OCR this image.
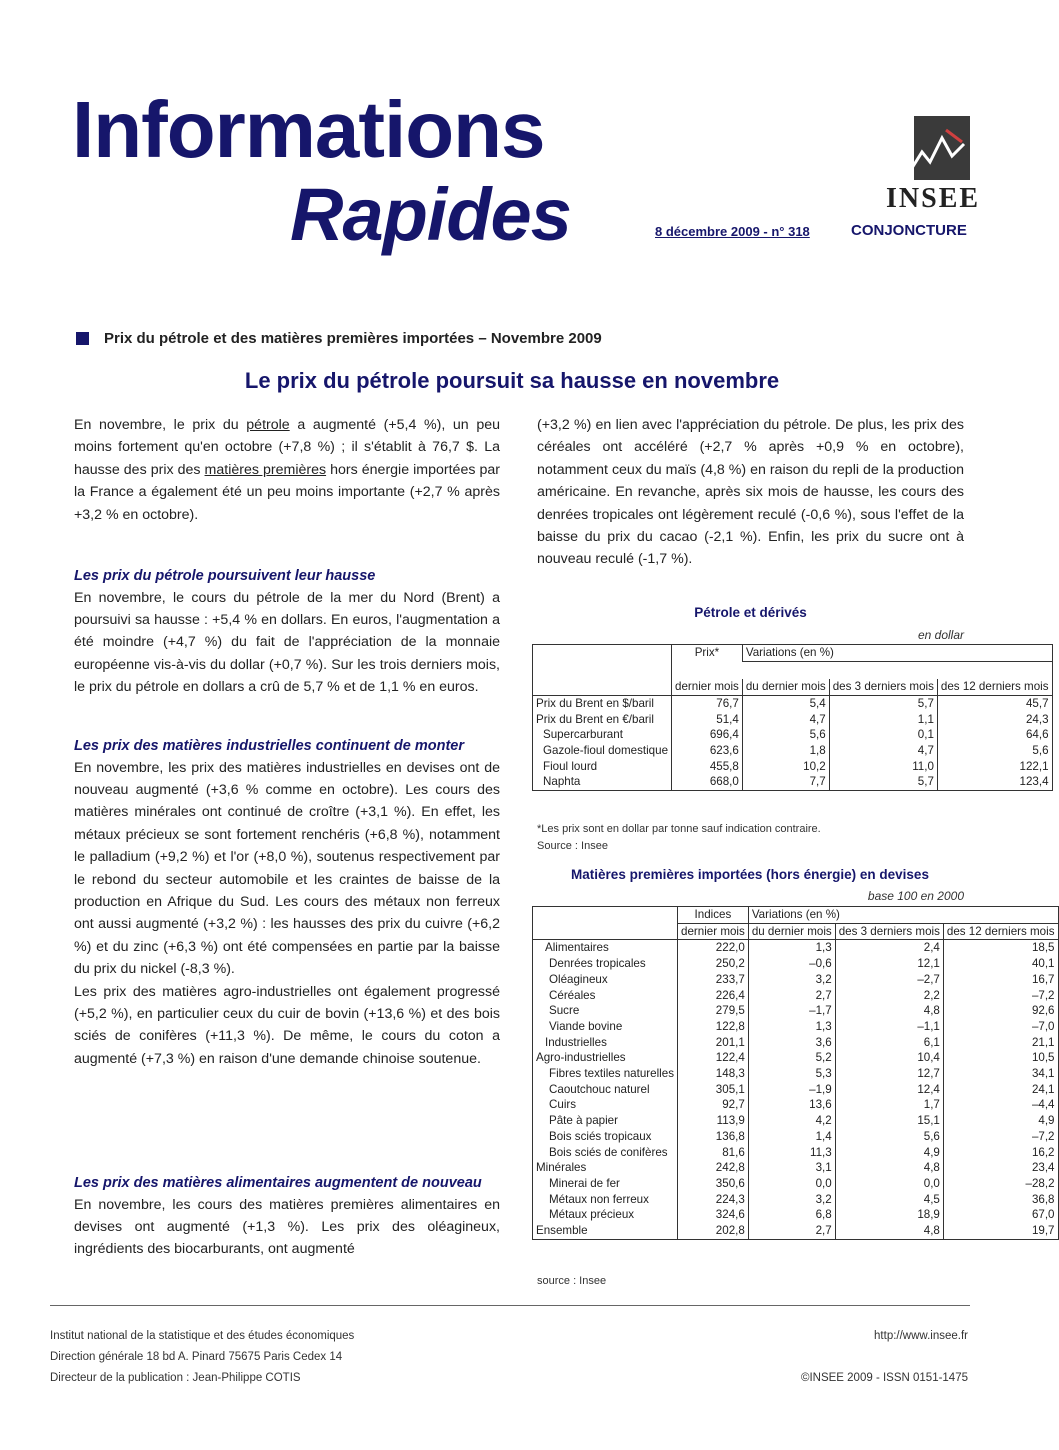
Informations
Rapides	8 décembre 2009 - n° 318
INSEE
CONJONCTURE
Prix du pétrole et des matières premières importées – Novembre 2009
Le prix du pétrole poursuit sa hausse en novembre

En novembre, le prix du pétrole a augmenté (+5,4 %), un peu moins fortement qu'en octobre (+7,8 %) ; il s'établit à 76,7 $. La hausse des prix des matières premières hors énergie importées par la France a également été un peu moins importante (+2,7 % après +3,2 % en octobre).

Les prix du pétrole poursuivent leur hausse

En novembre, le cours du pétrole de la mer du Nord (Brent) a poursuivi sa hausse : +5,4 % en dollars. En euros, l'augmentation a été moindre (+4,7 %) du fait de l'appréciation de la monnaie européenne vis-à-vis du dollar (+0,7 %). Sur les trois derniers mois, le prix du pétrole en dollars a crû de 5,7 % et de 1,1 % en euros.

Les prix des matières industrielles continuent de monter

En novembre, les prix des matières industrielles en devises ont de nouveau augmenté (+3,6 % comme en octobre). Les cours des matières minérales ont continué de croître (+3,1 %). En effet, les métaux précieux se sont fortement renchéris (+6,8 %), notamment le palladium (+9,2 %) et l'or (+8,0 %), soutenus respectivement par le rebond du secteur automobile et les craintes de baisse de la production en Afrique du Sud. Les cours des métaux non ferreux ont aussi augmenté (+3,2 %) : les hausses des prix du cuivre (+6,2 %) et du zinc (+6,3 %) ont été compensées en partie par la baisse du prix du nickel (-8,3 %).

Les prix des matières agro-industrielles ont également progressé (+5,2 %), en particulier ceux du cuir de bovin (+13,6 %) et des bois sciés de conifères (+11,3 %). De même, le cours du coton a augmenté (+7,3 %) en raison d'une demande chinoise soutenue.

Les prix des matières alimentaires augmentent de nouveau

En novembre, les cours des matières premières alimentaires en devises ont augmenté (+1,3 %). Les prix des oléagineux, ingrédients des biocarburants, ont augmenté

(+3,2 %) en lien avec l'appréciation du pétrole. De plus, les prix des céréales ont accéléré (+2,7 % après +0,9 % en octobre), notamment ceux du maïs (4,8 %) en raison du repli de la production américaine. En revanche, après six mois de hausse, les cours des denrées tropicales ont légèrement reculé (-0,6 %), sous l'effet de la baisse du prix du cacao (-2,1 %). Enfin, les prix du sucre ont à nouveau reculé (-1,7 %).

Pétrole et dérivés
en dollar
	Prix*	Variations (en %)		

	dernier mois	du dernier mois	des 3 derniers mois	des 12 derniers mois
Prix du Brent en $/baril	76,7	5,4	5,7	45,7
Prix du Brent en €/baril	51,4	4,7	1,1	24,3
Supercarburant	696,4	5,6	0,1	64,6
Gazole-fioul domestique	623,6	1,8	4,7	5,6
Fioul lourd	455,8	10,2	11,0	122,1
Naphta	668,0	7,7	5,7	123,4
*Les prix sont en dollar par tonne sauf indication contraire.
Source : Insee
Matières premières importées (hors énergie) en devises
base 100 en 2000
	Indices	Variations (en %)		
	dernier mois	du dernier mois	des 3 derniers mois	des 12 derniers mois
Alimentaires	222,0	1,3	2,4	18,5
Denrées tropicales	250,2	–0,6	12,1	40,1
Oléagineux	233,7	3,2	–2,7	16,7
Céréales	226,4	2,7	2,2	–7,2
Sucre	279,5	–1,7	4,8	92,6
Viande bovine	122,8	1,3	–1,1	–7,0
Industrielles	201,1	3,6	6,1	21,1
Agro-industrielles	122,4	5,2	10,4	10,5
Fibres textiles naturelles	148,3	5,3	12,7	34,1
Caoutchouc naturel	305,1	–1,9	12,4	24,1
Cuirs	92,7	13,6	1,7	–4,4
Pâte à papier	113,9	4,2	15,1	4,9
Bois sciés tropicaux	136,8	1,4	5,6	–7,2
Bois sciés de conifères	81,6	11,3	4,9	16,2
Minérales	242,8	3,1	4,8	23,4
Minerai de fer	350,6	0,0	0,0	–28,2
Métaux non ferreux	224,3	3,2	4,5	36,8
Métaux précieux	324,6	6,8	18,9	67,0
Ensemble	202,8	2,7	4,8	19,7
source : Insee
Institut national de la statistique et des études économiques
Direction générale 18 bd A. Pinard 75675 Paris Cedex 14
Directeur de la publication : Jean-Philippe COTIS
http://www.insee.fr
©INSEE 2009 - ISSN 0151-1475
